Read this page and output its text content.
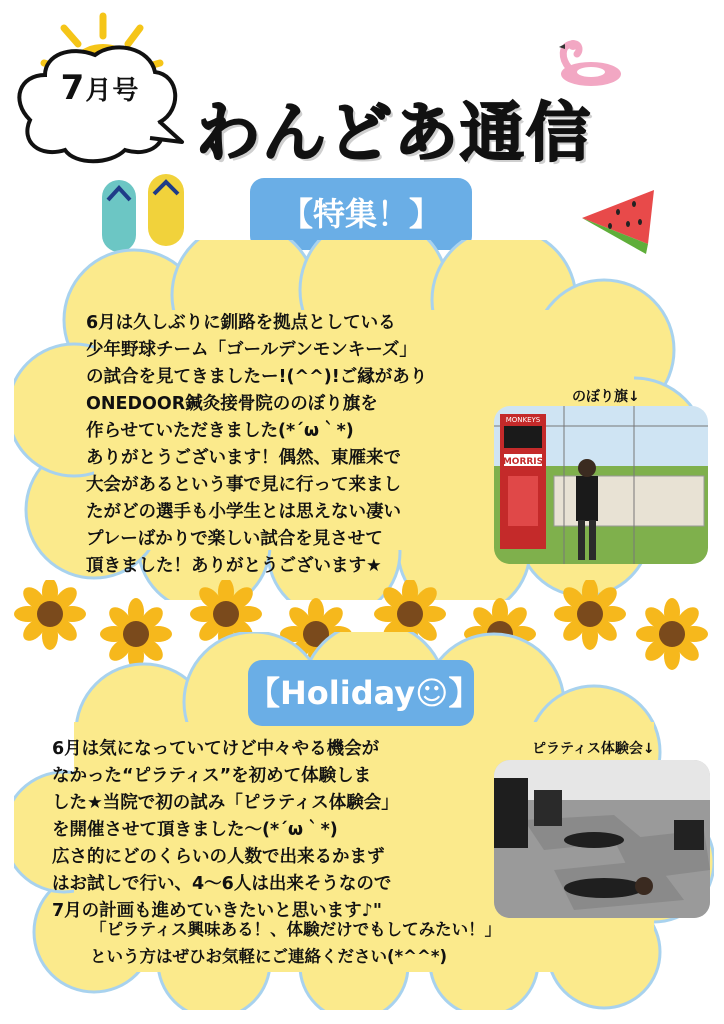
7月号
わんどあ通信
【特集！】
6月は久しぶりに釧路を拠点としている
少年野球チーム「ゴールデンモンキーズ」
の試合を見てきましたー!(^^)!ご縁があり
ONEDOOR鍼灸接骨院ののぼり旗を
作らせていただきました(*´ω｀*)
ありがとうございます！偶然、東雁来で
大会があるという事で見に行って来まし
たがどの選手も小学生とは思えない凄い
プレーばかりで楽しい試合を見させて
頂きました！ありがとうございます★
のぼり旗↓
MORRIS
MONKEYS
【Holiday☺】
6月は気になっていてけど中々やる機会が
なかった“ピラティス”を初めて体験しま
した★当院で初の試み「ピラティス体験会」
を開催させて頂きました〜(*´ω｀*)
広さ的にどのくらいの人数で出来るかまず
はお試しで行い、4〜6人は出来そうなので
7月の計画も進めていきたいと思います♪"
「ピラティス興味ある！、体験だけでもしてみたい！」
という方はぜひお気軽にご連絡ください(*^^*)
ピラティス体験会↓
